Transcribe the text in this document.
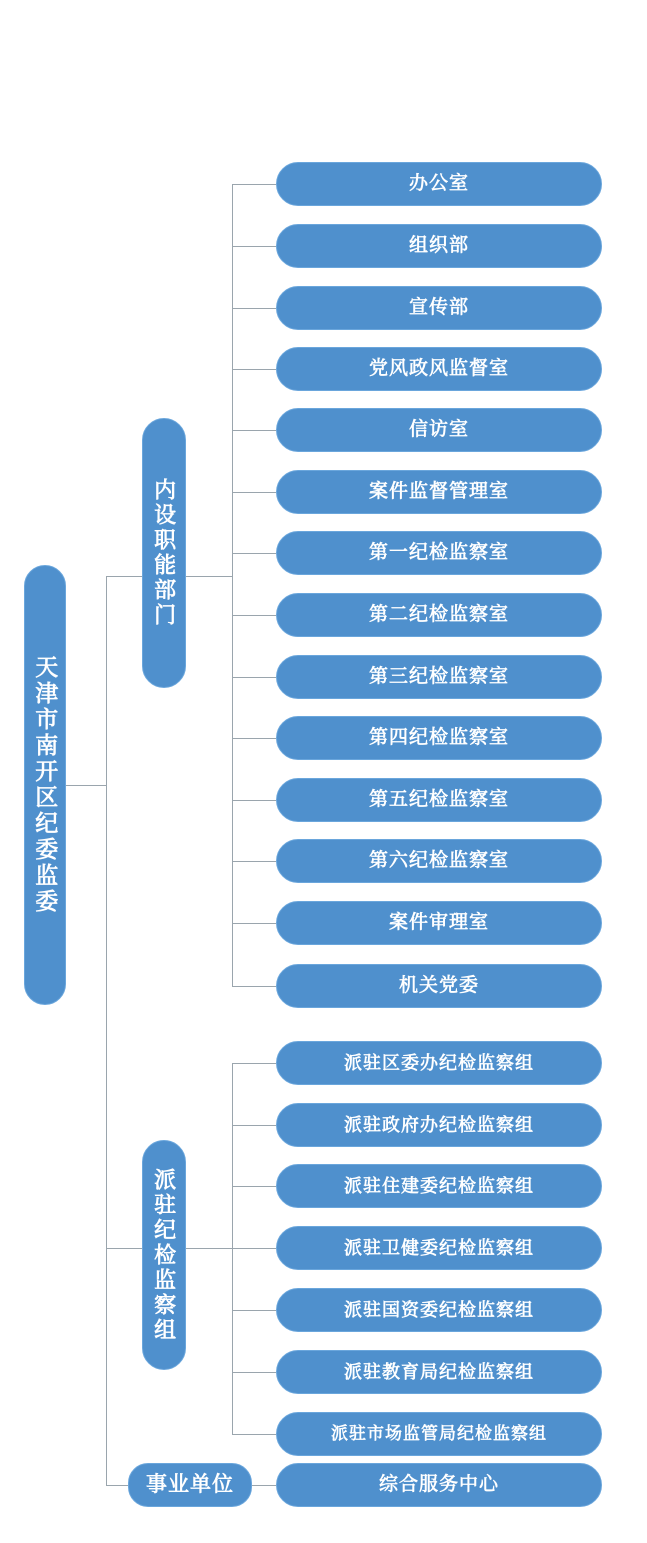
天津市南开区纪委监委
内设职能部门
办公室
组织部
宣传部
党风政风监督室
信访室
案件监督管理室
第一纪检监察室
第二纪检监察室
第三纪检监察室
第四纪检监察室
第五纪检监察室
第六纪检监察室
案件审理室
机关党委
派驻纪检监察组
派驻区委办纪检监察组
派驻政府办纪检监察组
派驻住建委纪检监察组
派驻卫健委纪检监察组
派驻国资委纪检监察组
派驻教育局纪检监察组
派驻市场监管局纪检监察组
事业单位	综合服务中心
